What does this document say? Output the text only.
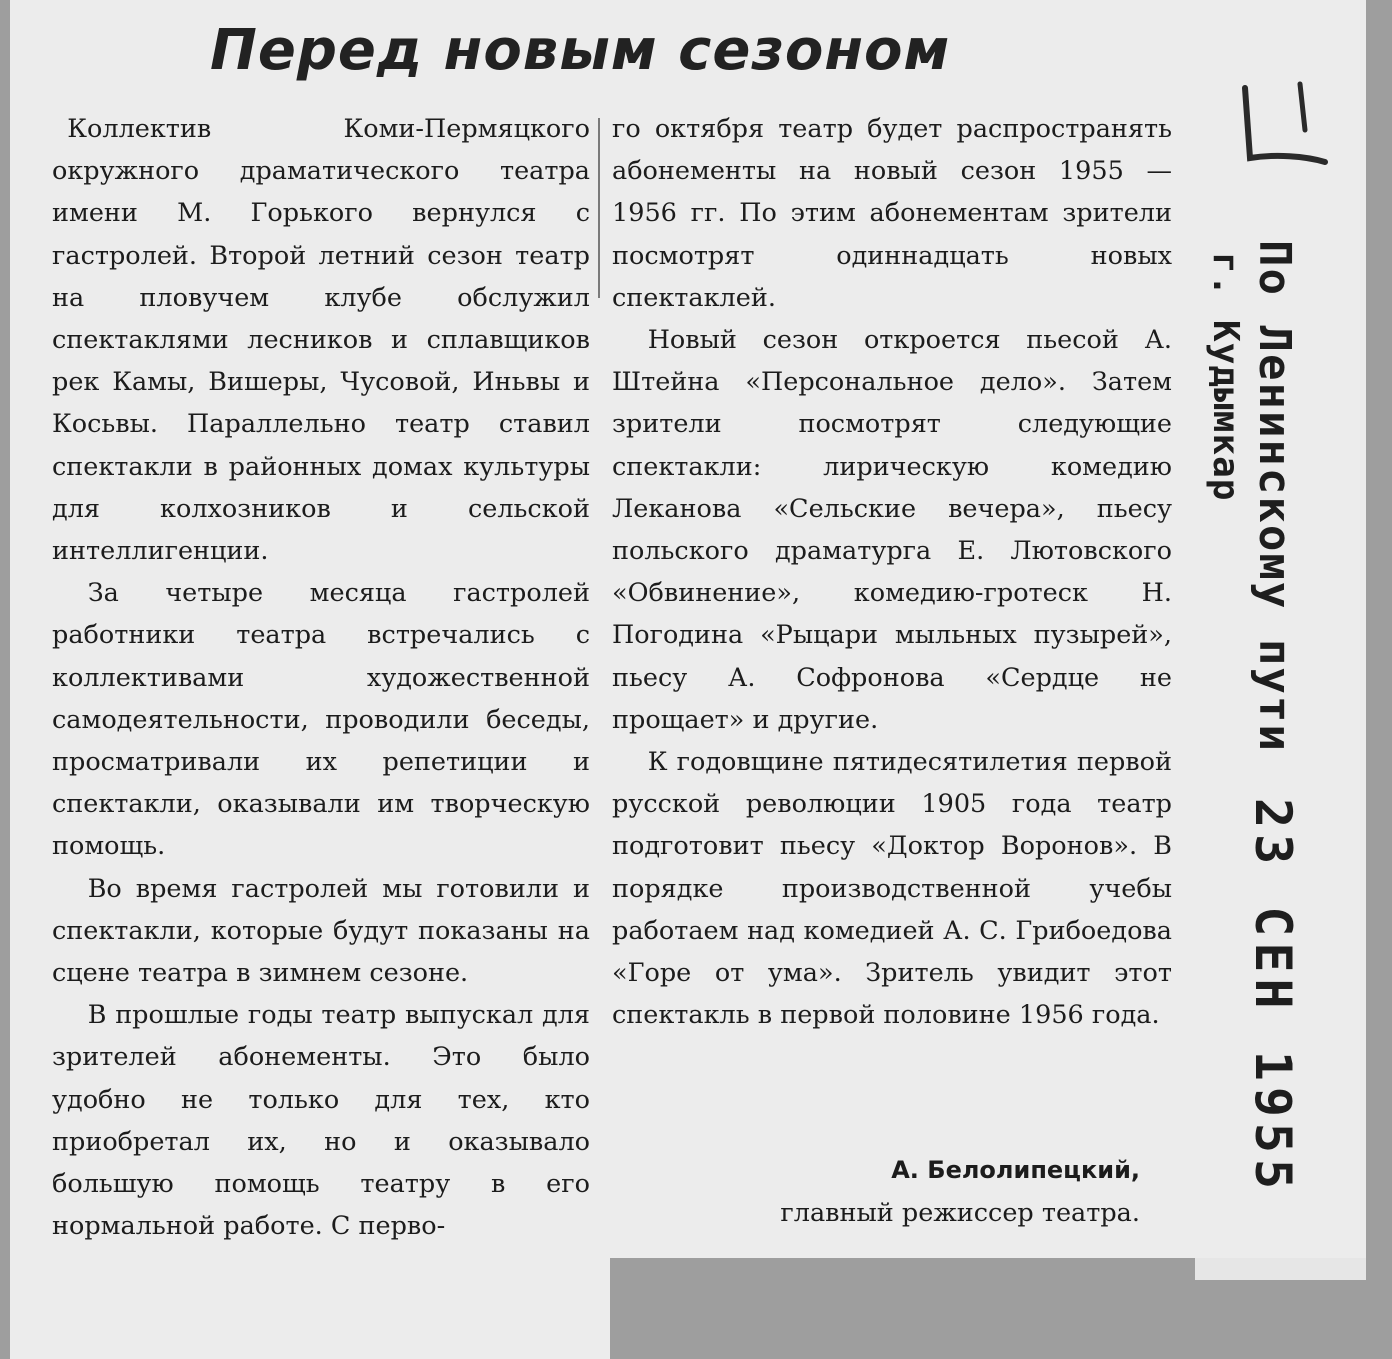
Перед новым сезоном

Коллектив Коми-Пермяцкого окружного драматического театра имени М. Горького вернулся с гастролей. Второй летний сезон театр на пловучем клубе обслужил спектаклями лесников и сплавщиков рек Камы, Вишеры, Чусовой, Иньвы и Косьвы. Параллельно театр ставил спектакли в районных домах культуры для колхозников и сельской интеллигенции.

За четыре месяца гастролей работники театра встречались с коллективами художественной самодеятельности, проводили беседы, просматривали их репетиции и спектакли, оказывали им творческую помощь.

Во время гастролей мы готовили и спектакли, которые будут показаны на сцене театра в зимнем сезоне.

В прошлые годы театр выпускал для зрителей абонементы. Это было удобно не только для тех, кто приобретал их, но и оказывало большую помощь театру в его нормальной работе. С перво-

го октября театр будет распространять абонементы на новый сезон 1955 — 1956 гг. По этим абонементам зрители посмотрят одиннадцать новых спектаклей.

Новый сезон откроется пьесой А. Штейна «Персональное дело». Затем зрители посмотрят следующие спектакли: лирическую комедию Леканова «Сельские вечера», пьесу польского драматурга Е. Лютовского «Обвинение», комедию-гротеск Н. Погодина «Рыцари мыльных пузырей», пьесу А. Софронова «Сердце не прощает» и другие.

К годовщине пятидесятилетия первой русской революции 1905 года театр подготовит пьесу «Доктор Воронов». В порядке производственной учебы работаем над комедией А. С. Грибоедова «Горе от ума». Зритель увидит этот спектакль в первой половине 1956 года.

А. Белолипецкий,
главный режиссер театра.
По Ленинскому пути
г. Кудымкар
23 СЕН 1955
